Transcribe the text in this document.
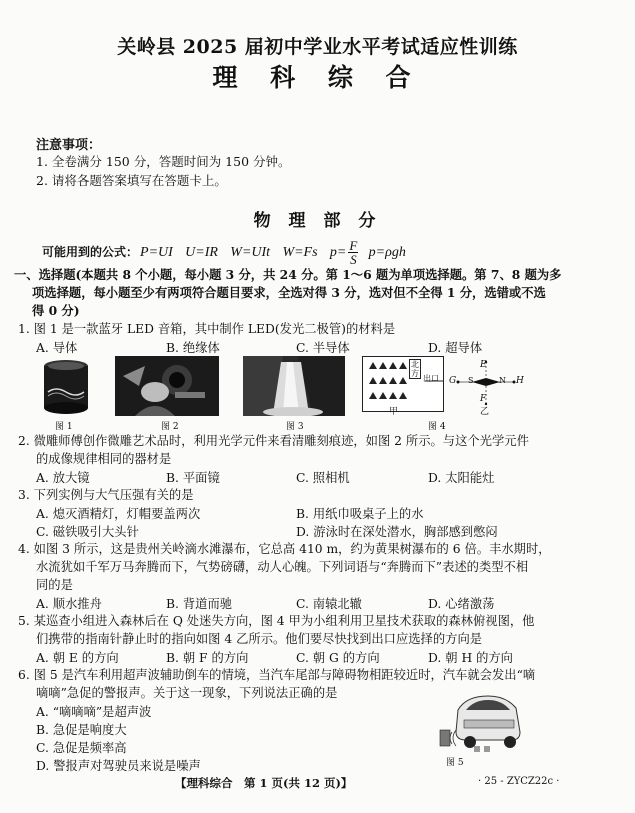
关岭县 2025 届初中学业水平考试适应性训练
理 科 综 合
注意事项：
1. 全卷满分 150 分，答题时间为 150 分钟。
2. 请将各题答案填写在答题卡上。
物 理 部 分
可能用到的公式： P=UI U=IR W=UIt W=Fs $p= \frac{F}{S} p=\rho gh$
一、选择题(本题共 8 个小题，每小题 3 分，共 24 分。第 1～6 题为单项选择题。第 7、8 题为多
项选择题，每小题至少有两项符合题目要求，全选对得 3 分，选对但不全得 1 分，选错或不选
得 0 分)
1. 图 1 是一款蓝牙 LED 音箱，其中制作 LED(发光二极管)的材料是
A. 导体	B. 绝缘体	C. 半导体	D. 超导体
图 1	图 2	图 3
北方
出口
甲
E
G S	N H
F
乙
图 4
2. 微雕师傅创作微雕艺术品时，利用光学元件来看清雕刻痕迹，如图 2 所示。与这个光学元件
的成像规律相同的器材是
A. 放大镜	B. 平面镜	C. 照相机	D. 太阳能灶
3. 下列实例与大气压强有关的是
A. 熄灭酒精灯，灯帽要盖两次	B. 用纸巾吸桌子上的水
C. 磁铁吸引大头针	D. 游泳时在深处潜水，胸部感到憋闷
4. 如图 3 所示，这是贵州关岭滴水滩瀑布，它总高 410 m，约为黄果树瀑布的 6 倍。丰水期时，
水流犹如千军万马奔腾而下，气势磅礴，动人心魄。下列词语与“奔腾而下”表述的类型不相
同的是
A. 顺水推舟	B. 背道而驰	C. 南辕北辙	D. 心绪激荡
5. 某巡查小组进入森林后在 Q 处迷失方向，图 4 甲为小组利用卫星技术获取的森林俯视图，他
们携带的指南针静止时的指向如图 4 乙所示。他们要尽快找到出口应选择的方向是
A. 朝 E 的方向	B. 朝 F 的方向	C. 朝 G 的方向	D. 朝 H 的方向
6. 图 5 是汽车利用超声波辅助倒车的情境，当汽车尾部与障碍物相距较近时，汽车就会发出“嘀
嘀嘀”急促的警报声。关于这一现象，下列说法正确的是
A. “嘀嘀嘀”是超声波
B. 急促是响度大
C. 急促是频率高
D. 警报声对驾驶员来说是噪声	图 5
【理科综合　第 1 页(共 12 页)】	· 25 - ZYCZ22c ·
